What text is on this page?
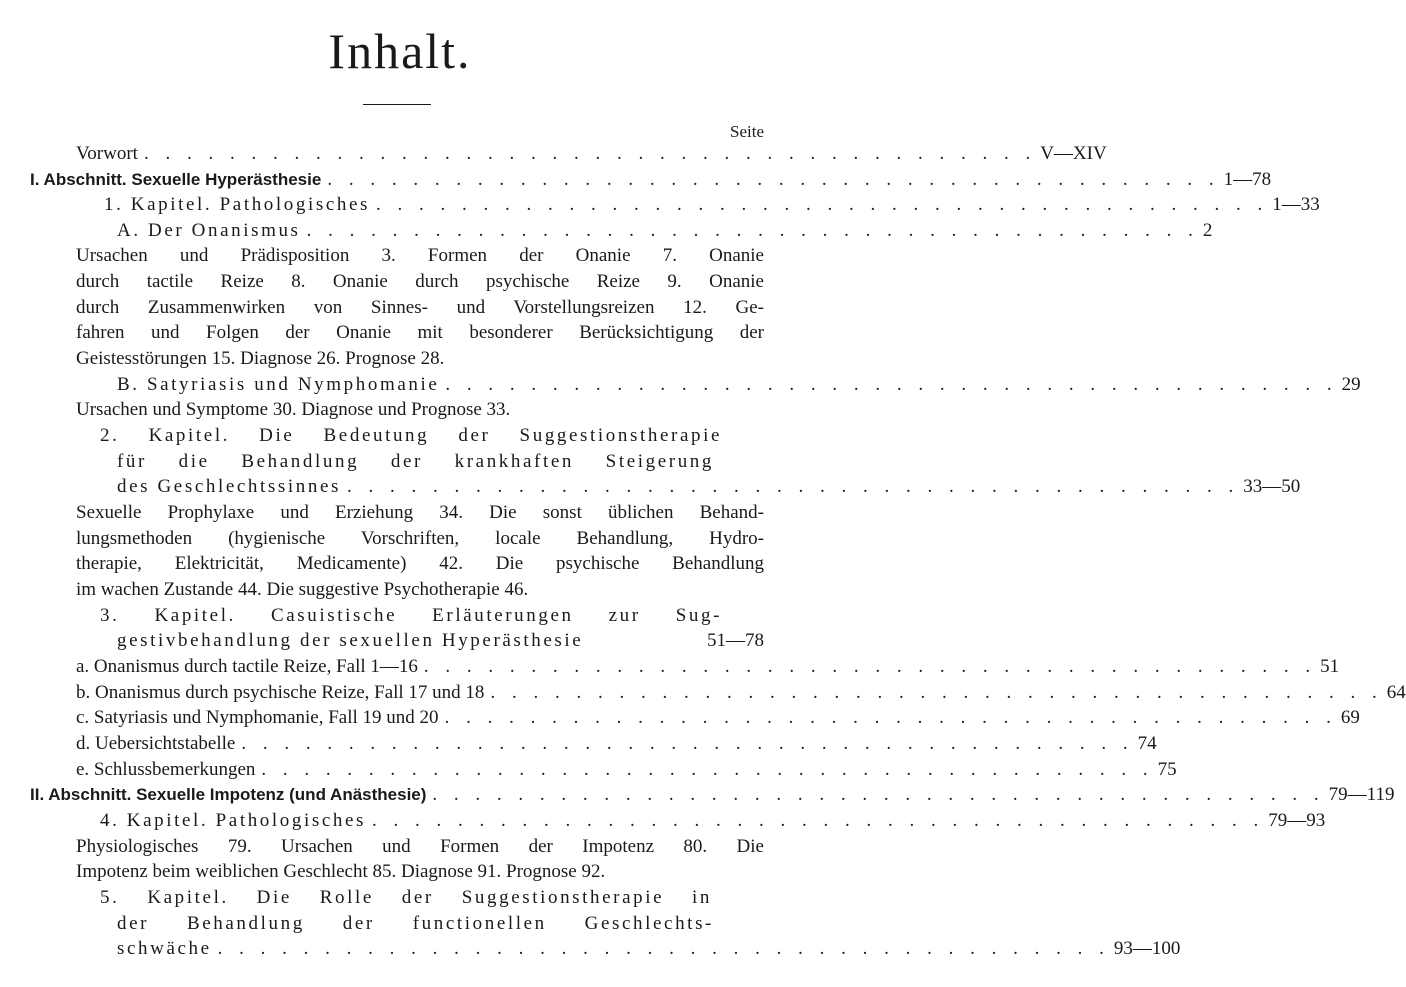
Inhalt.
Seite
Vorwort . . . . . . . . . . . . . . . . . . . . . . . . . . . . . . . . . . . . . . . . . . V—XIV
I. Abschnitt. Sexuelle Hyperästhesie . . . . . . . . . . . . . . . . . . . . . . . . . . . . . . . . . . . . . . . . . . 1—78
1. Kapitel. Pathologisches . . . . . . . . . . . . . . . . . . . . . . . . . . . . . . . . . . . . . . . . . . 1—33
A. Der Onanismus . . . . . . . . . . . . . . . . . . . . . . . . . . . . . . . . . . . . . . . . . . 2
Ursachen und Prädisposition 3. Formen der Onanie 7. Onanie
durch tactile Reize 8. Onanie durch psychische Reize 9. Onanie
durch Zusammenwirken von Sinnes- und Vorstellungsreizen 12. Ge-
fahren und Folgen der Onanie mit besonderer Berücksichtigung der
Geistesstörungen 15. Diagnose 26. Prognose 28.
B. Satyriasis und Nymphomanie . . . . . . . . . . . . . . . . . . . . . . . . . . . . . . . . . . . . . . . . . . 29
Ursachen und Symptome 30. Diagnose und Prognose 33.
2. Kapitel. Die Bedeutung der Suggestionstherapie
für die Behandlung der krankhaften Steigerung
des Geschlechtssinnes . . . . . . . . . . . . . . . . . . . . . . . . . . . . . . . . . . . . . . . . . . 33—50
Sexuelle Prophylaxe und Erziehung 34. Die sonst üblichen Behand-
lungsmethoden (hygienische Vorschriften, locale Behandlung, Hydro-
therapie, Elektricität, Medicamente) 42. Die psychische Behandlung
im wachen Zustande 44. Die suggestive Psychotherapie 46.
3. Kapitel. Casuistische Erläuterungen zur Sug-
gestivbehandlung der sexuellen Hyperästhesie	51—78
a. Onanismus durch tactile Reize, Fall 1—16 . . . . . . . . . . . . . . . . . . . . . . . . . . . . . . . . . . . . . . . . . . 51
b. Onanismus durch psychische Reize, Fall 17 und 18 . . . . . . . . . . . . . . . . . . . . . . . . . . . . . . . . . . . . . . . . . . 64
c. Satyriasis und Nymphomanie, Fall 19 und 20 . . . . . . . . . . . . . . . . . . . . . . . . . . . . . . . . . . . . . . . . . . 69
d. Uebersichtstabelle . . . . . . . . . . . . . . . . . . . . . . . . . . . . . . . . . . . . . . . . . . 74
e. Schlussbemerkungen . . . . . . . . . . . . . . . . . . . . . . . . . . . . . . . . . . . . . . . . . . 75
II. Abschnitt. Sexuelle Impotenz (und Anästhesie) . . . . . . . . . . . . . . . . . . . . . . . . . . . . . . . . . . . . . . . . . . 79—119
4. Kapitel. Pathologisches . . . . . . . . . . . . . . . . . . . . . . . . . . . . . . . . . . . . . . . . . . 79—93
Physiologisches 79. Ursachen und Formen der Impotenz 80. Die
Impotenz beim weiblichen Geschlecht 85. Diagnose 91. Prognose 92.
5. Kapitel. Die Rolle der Suggestionstherapie in
der Behandlung der functionellen Geschlechts-
schwäche . . . . . . . . . . . . . . . . . . . . . . . . . . . . . . . . . . . . . . . . . . 93—100
